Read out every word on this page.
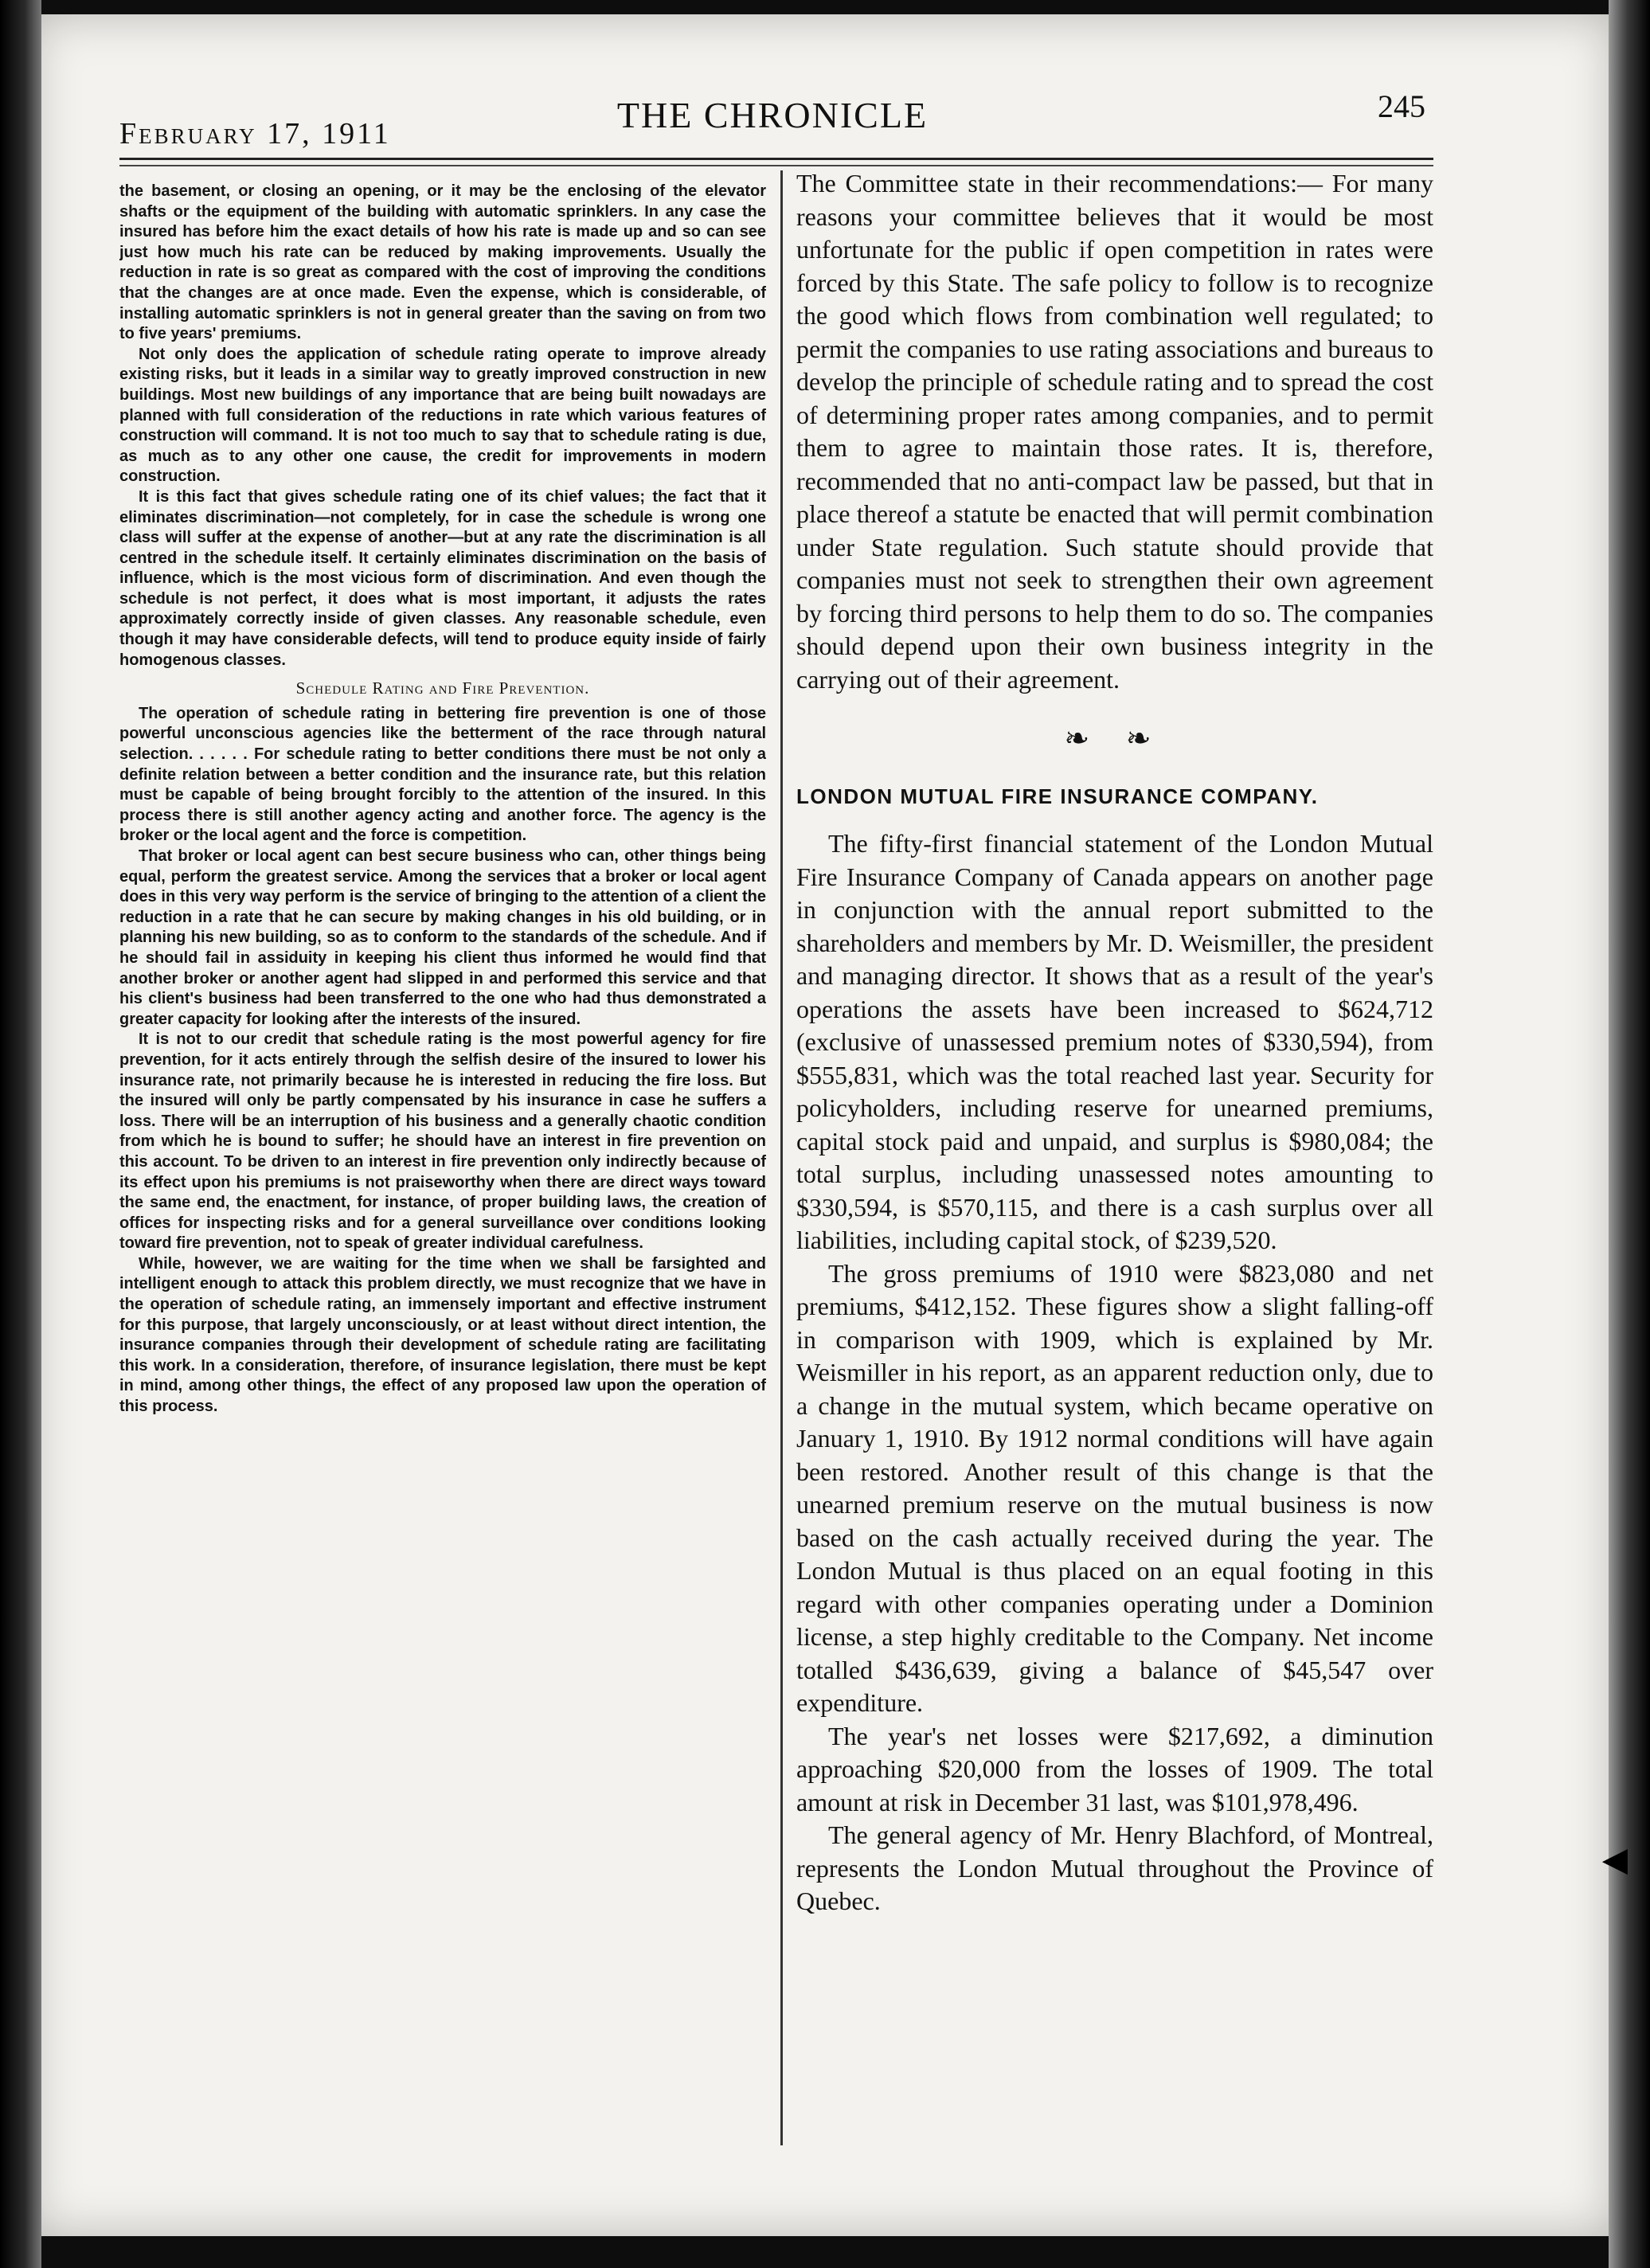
◀
February 17, 1911	THE CHRONICLE	245

the basement, or closing an opening, or it may be the enclosing of the elevator shafts or the equipment of the building with automatic sprinklers. In any case the insured has before him the exact details of how his rate is made up and so can see just how much his rate can be reduced by making improvements. Usually the reduction in rate is so great as compared with the cost of improving the conditions that the changes are at once made. Even the expense, which is considerable, of installing automatic sprinklers is not in general greater than the saving on from two to five years' premiums.

Not only does the application of schedule rating operate to improve already existing risks, but it leads in a similar way to greatly improved construction in new buildings. Most new buildings of any importance that are being built nowadays are planned with full consideration of the reductions in rate which various features of construction will command. It is not too much to say that to schedule rating is due, as much as to any other one cause, the credit for improvements in modern construction.

It is this fact that gives schedule rating one of its chief values; the fact that it eliminates discrimination—not completely, for in case the schedule is wrong one class will suffer at the expense of another—but at any rate the discrimination is all centred in the schedule itself. It certainly eliminates discrimination on the basis of influence, which is the most vicious form of discrimination. And even though the schedule is not perfect, it does what is most important, it adjusts the rates approximately correctly inside of given classes. Any reasonable schedule, even though it may have considerable defects, will tend to produce equity inside of fairly homogenous classes.

Schedule Rating and Fire Prevention.

The operation of schedule rating in bettering fire prevention is one of those powerful unconscious agencies like the betterment of the race through natural selection. . . . . . For schedule rating to better conditions there must be not only a definite relation between a better condition and the insurance rate, but this relation must be capable of being brought forcibly to the attention of the insured. In this process there is still another agency acting and another force. The agency is the broker or the local agent and the force is competition.

That broker or local agent can best secure business who can, other things being equal, perform the greatest service. Among the services that a broker or local agent does in this very way perform is the service of bringing to the attention of a client the reduction in a rate that he can secure by making changes in his old building, or in planning his new building, so as to conform to the standards of the schedule. And if he should fail in assiduity in keeping his client thus informed he would find that another broker or another agent had slipped in and performed this service and that his client's business had been transferred to the one who had thus demonstrated a greater capacity for looking after the interests of the insured.

It is not to our credit that schedule rating is the most powerful agency for fire prevention, for it acts entirely through the selfish desire of the insured to lower his insurance rate, not primarily because he is interested in reducing the fire loss. But the insured will only be partly compensated by his insurance in case he suffers a loss. There will be an interruption of his business and a generally chaotic condition from which he is bound to suffer; he should have an interest in fire prevention on this account. To be driven to an interest in fire prevention only indirectly because of its effect upon his premiums is not praiseworthy when there are direct ways toward the same end, the enactment, for instance, of proper building laws, the creation of offices for inspecting risks and for a general surveillance over conditions looking toward fire prevention, not to speak of greater individual carefulness.

While, however, we are waiting for the time when we shall be farsighted and intelligent enough to attack this problem directly, we must recognize that we have in the operation of schedule rating, an immensely important and effective instrument for this purpose, that largely unconsciously, or at least without direct intention, the insurance companies through their development of schedule rating are facilitating this work. In a consideration, therefore, of insurance legislation, there must be kept in mind, among other things, the effect of any proposed law upon the operation of this process.

The Committee state in their recommendations:— For many reasons your committee believes that it would be most unfortunate for the public if open competition in rates were forced by this State. The safe policy to follow is to recognize the good which flows from combination well regulated; to permit the companies to use rating associations and bureaus to develop the principle of schedule rating and to spread the cost of determining proper rates among companies, and to permit them to agree to maintain those rates. It is, therefore, recommended that no anti-compact law be passed, but that in place thereof a statute be enacted that will permit combination under State regulation. Such statute should provide that companies must not seek to strengthen their own agreement by forcing third persons to help them to do so. The companies should depend upon their own business integrity in the carrying out of their agreement.

❧ ❧
LONDON MUTUAL FIRE INSURANCE COMPANY.

The fifty-first financial statement of the London Mutual Fire Insurance Company of Canada appears on another page in conjunction with the annual report submitted to the shareholders and members by Mr. D. Weismiller, the president and managing director. It shows that as a result of the year's operations the assets have been increased to $624,712 (exclusive of unassessed premium notes of $330,594), from $555,831, which was the total reached last year. Security for policyholders, including reserve for unearned premiums, capital stock paid and unpaid, and surplus is $980,084; the total surplus, including unassessed notes amounting to $330,594, is $570,115, and there is a cash surplus over all liabilities, including capital stock, of $239,520.

The gross premiums of 1910 were $823,080 and net premiums, $412,152. These figures show a slight falling-off in comparison with 1909, which is explained by Mr. Weismiller in his report, as an apparent reduction only, due to a change in the mutual system, which became operative on January 1, 1910. By 1912 normal conditions will have again been restored. Another result of this change is that the unearned premium reserve on the mutual business is now based on the cash actually received during the year. The London Mutual is thus placed on an equal footing in this regard with other companies operating under a Dominion license, a step highly creditable to the Company. Net income totalled $436,639, giving a balance of $45,547 over expenditure.

The year's net losses were $217,692, a diminution approaching $20,000 from the losses of 1909. The total amount at risk in December 31 last, was $101,978,496.

The general agency of Mr. Henry Blachford, of Montreal, represents the London Mutual throughout the Province of Quebec.
